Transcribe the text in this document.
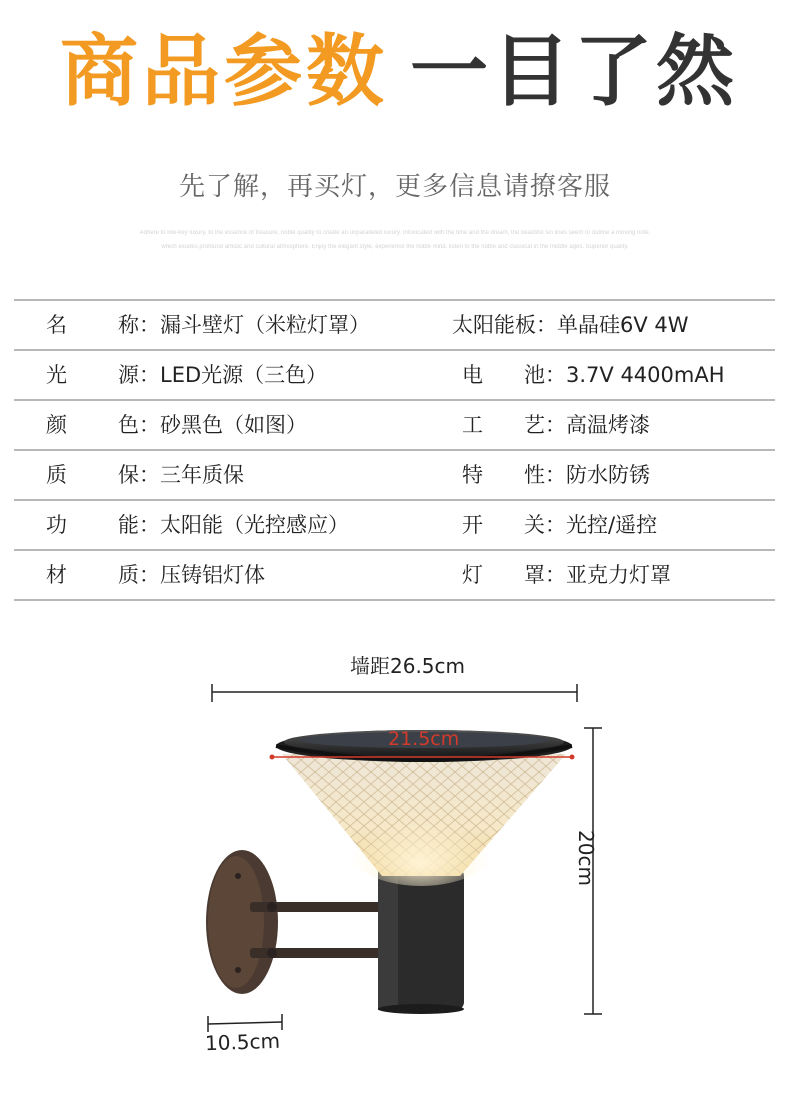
商品参数 一目了然
先了解，再买灯，更多信息请撩客服
Adhere to low-key luxury, to the essence of treasure, noble quality to create an unparalleled luxury. Intoxicated with the time and the dream, the beautiful sin lines seem to outline a moving note,
which exudes profound artistic and cultural atmosphere. Enjoy the elegant style, experience the noble mind, listen to the noble and classical in the middle ages. Superior quality.
名 称：漏斗壁灯（米粒灯罩）	太阳能板：单晶硅6V 4W
光 源：LED光源（三色）	电 池：3.7V 4400mAH
颜 色：砂黑色（如图）	工 艺：高温烤漆
质 保：三年质保	特 性：防水防锈
功 能：太阳能（光控感应）	开 关：光控/遥控
材 质：压铸铝灯体	灯 罩：亚克力灯罩
墙距26.5cm
21.5cm
20cm
10.5cm
